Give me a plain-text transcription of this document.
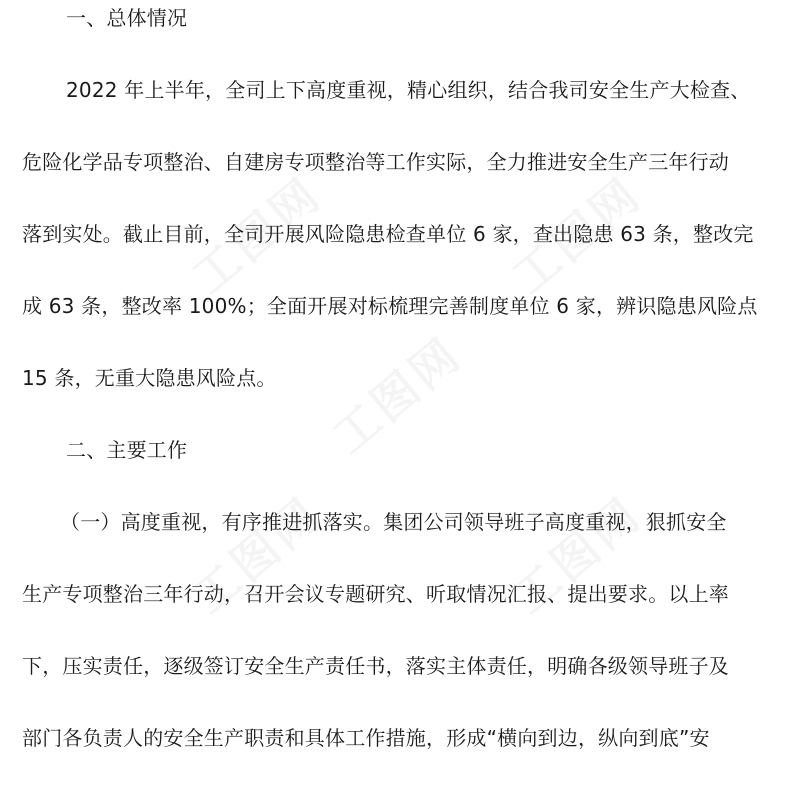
一、总体情况
2022 年上半年，全司上下高度重视，精心组织，结合我司安全生产大检查、
危险化学品专项整治、自建房专项整治等工作实际，全力推进安全生产三年行动
落到实处。截止目前，全司开展风险隐患检查单位 6 家，查出隐患 63 条，整改完
成 63 条，整改率 100%；全面开展对标梳理完善制度单位 6 家，辨识隐患风险点
15 条，无重大隐患风险点。
二、主要工作
（一）高度重视，有序推进抓落实。集团公司领导班子高度重视，狠抓安全
生产专项整治三年行动，召开会议专题研究、听取情况汇报、提出要求。以上率
下，压实责任，逐级签订安全生产责任书，落实主体责任，明确各级领导班子及
部门各负责人的安全生产职责和具体工作措施，形成“横向到边，纵向到底”安
